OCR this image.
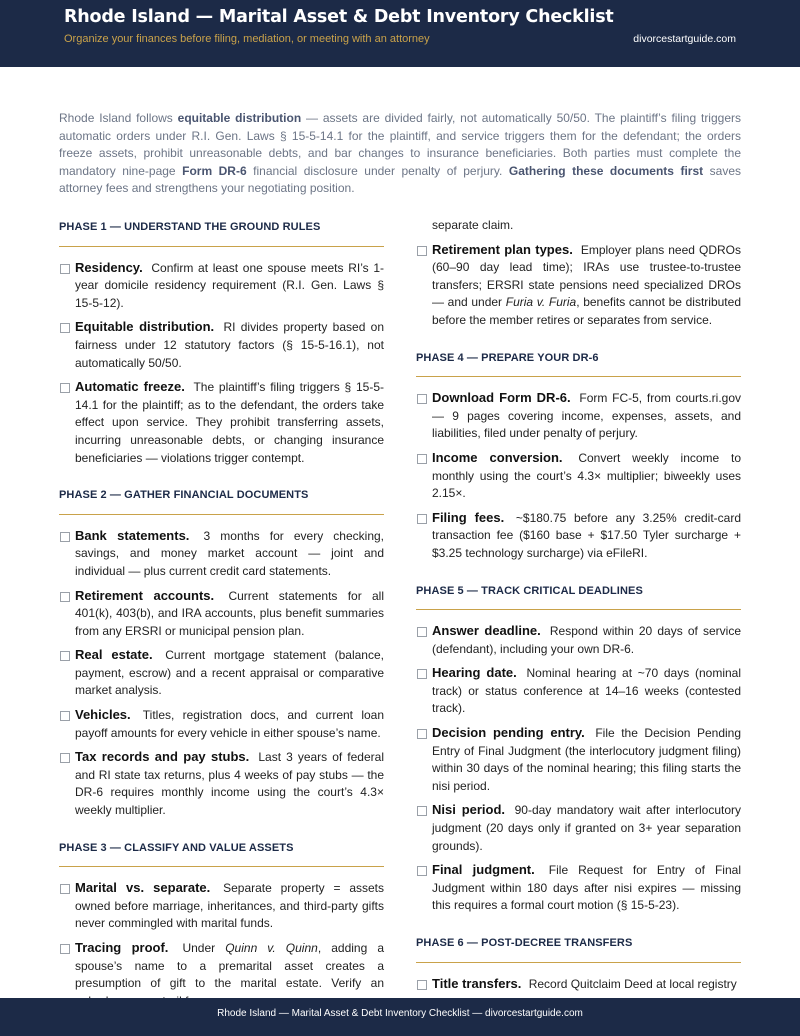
Rhode Island — Marital Asset & Debt Inventory Checklist
Organize your finances before filing, mediation, or meeting with an attorney	divorcestartguide.com
Rhode Island follows equitable distribution — assets are divided fairly, not automatically 50/50. The plaintiff’s filing triggers automatic orders under R.I. Gen. Laws § 15-5-14.1 for the plaintiff, and service triggers them for the defendant; the orders freeze assets, prohibit unreasonable debts, and bar changes to insurance beneficiaries. Both parties must complete the mandatory nine-page Form DR-6 financial disclosure under penalty of perjury. Gathering these documents first saves attorney fees and strengthens your negotiating position.
PHASE 1 — UNDERSTAND THE GROUND RULES
Residency. Confirm at least one spouse meets RI’s 1-year domicile residency requirement (R.I. Gen. Laws § 15-5-12).
Equitable distribution. RI divides property based on fairness under 12 statutory factors (§ 15-5-16.1), not automatically 50/50.
Automatic freeze. The plaintiff’s filing triggers § 15-5-14.1 for the plaintiff; as to the defendant, the orders take effect upon service. They prohibit transferring assets, incurring unreasonable debts, or changing insurance beneficiaries — violations trigger contempt.
PHASE 2 — GATHER FINANCIAL DOCUMENTS
Bank statements. 3 months for every checking, savings, and money market account — joint and individual — plus current credit card statements.
Retirement accounts. Current statements for all 401(k), 403(b), and IRA accounts, plus benefit summaries from any ERSRI or municipal pension plan.
Real estate. Current mortgage statement (balance, payment, escrow) and a recent appraisal or comparative market analysis.
Vehicles. Titles, registration docs, and current loan payoff amounts for every vehicle in either spouse’s name.
Tax records and pay stubs. Last 3 years of federal and RI state tax returns, plus 4 weeks of pay stubs — the DR-6 requires monthly income using the court’s 4.3× weekly multiplier.
PHASE 3 — CLASSIFY AND VALUE ASSETS
Marital vs. separate. Separate property = assets owned before marriage, inheritances, and third-party gifts never commingled with marital funds.
Tracing proof. Under Quinn v. Quinn, adding a spouse’s name to a premarital asset creates a presumption of gift to the marital estate. Verify an
separate claim.
Retirement plan types. Employer plans need QDROs (60–90 day lead time); IRAs use trustee-to-trustee transfers; ERSRI state pensions need specialized DROs — and under Furia v. Furia, benefits cannot be distributed before the member retires or separates from service.
PHASE 4 — PREPARE YOUR DR-6
Download Form DR-6. Form FC-5, from courts.ri.gov — 9 pages covering income, expenses, assets, and liabilities, filed under penalty of perjury.
Income conversion. Convert weekly income to monthly using the court’s 4.3× multiplier; biweekly uses 2.15×.
Filing fees. ~$180.75 before any 3.25% credit-card transaction fee ($160 base + $17.50 Tyler surcharge + $3.25 technology surcharge) via eFileRI.
PHASE 5 — TRACK CRITICAL DEADLINES
Answer deadline. Respond within 20 days of service (defendant), including your own DR-6.
Hearing date. Nominal hearing at ~70 days (nominal track) or status conference at 14–16 weeks (contested track).
Decision pending entry. File the Decision Pending Entry of Final Judgment (the interlocutory judgment filing) within 30 days of the nominal hearing; this filing starts the nisi period.
Nisi period. 90-day mandatory wait after interlocutory judgment (20 days only if granted on 3+ year separation grounds).
Final judgment. File Request for Entry of Final Judgment within 180 days after nisi expires — missing this requires a formal court motion (§ 15-5-23).
PHASE 6 — POST-DECREE TRANSFERS
Title transfers. Record Quitclaim Deed at local registry
Rhode Island — Marital Asset & Debt Inventory Checklist — divorcestartguide.com
